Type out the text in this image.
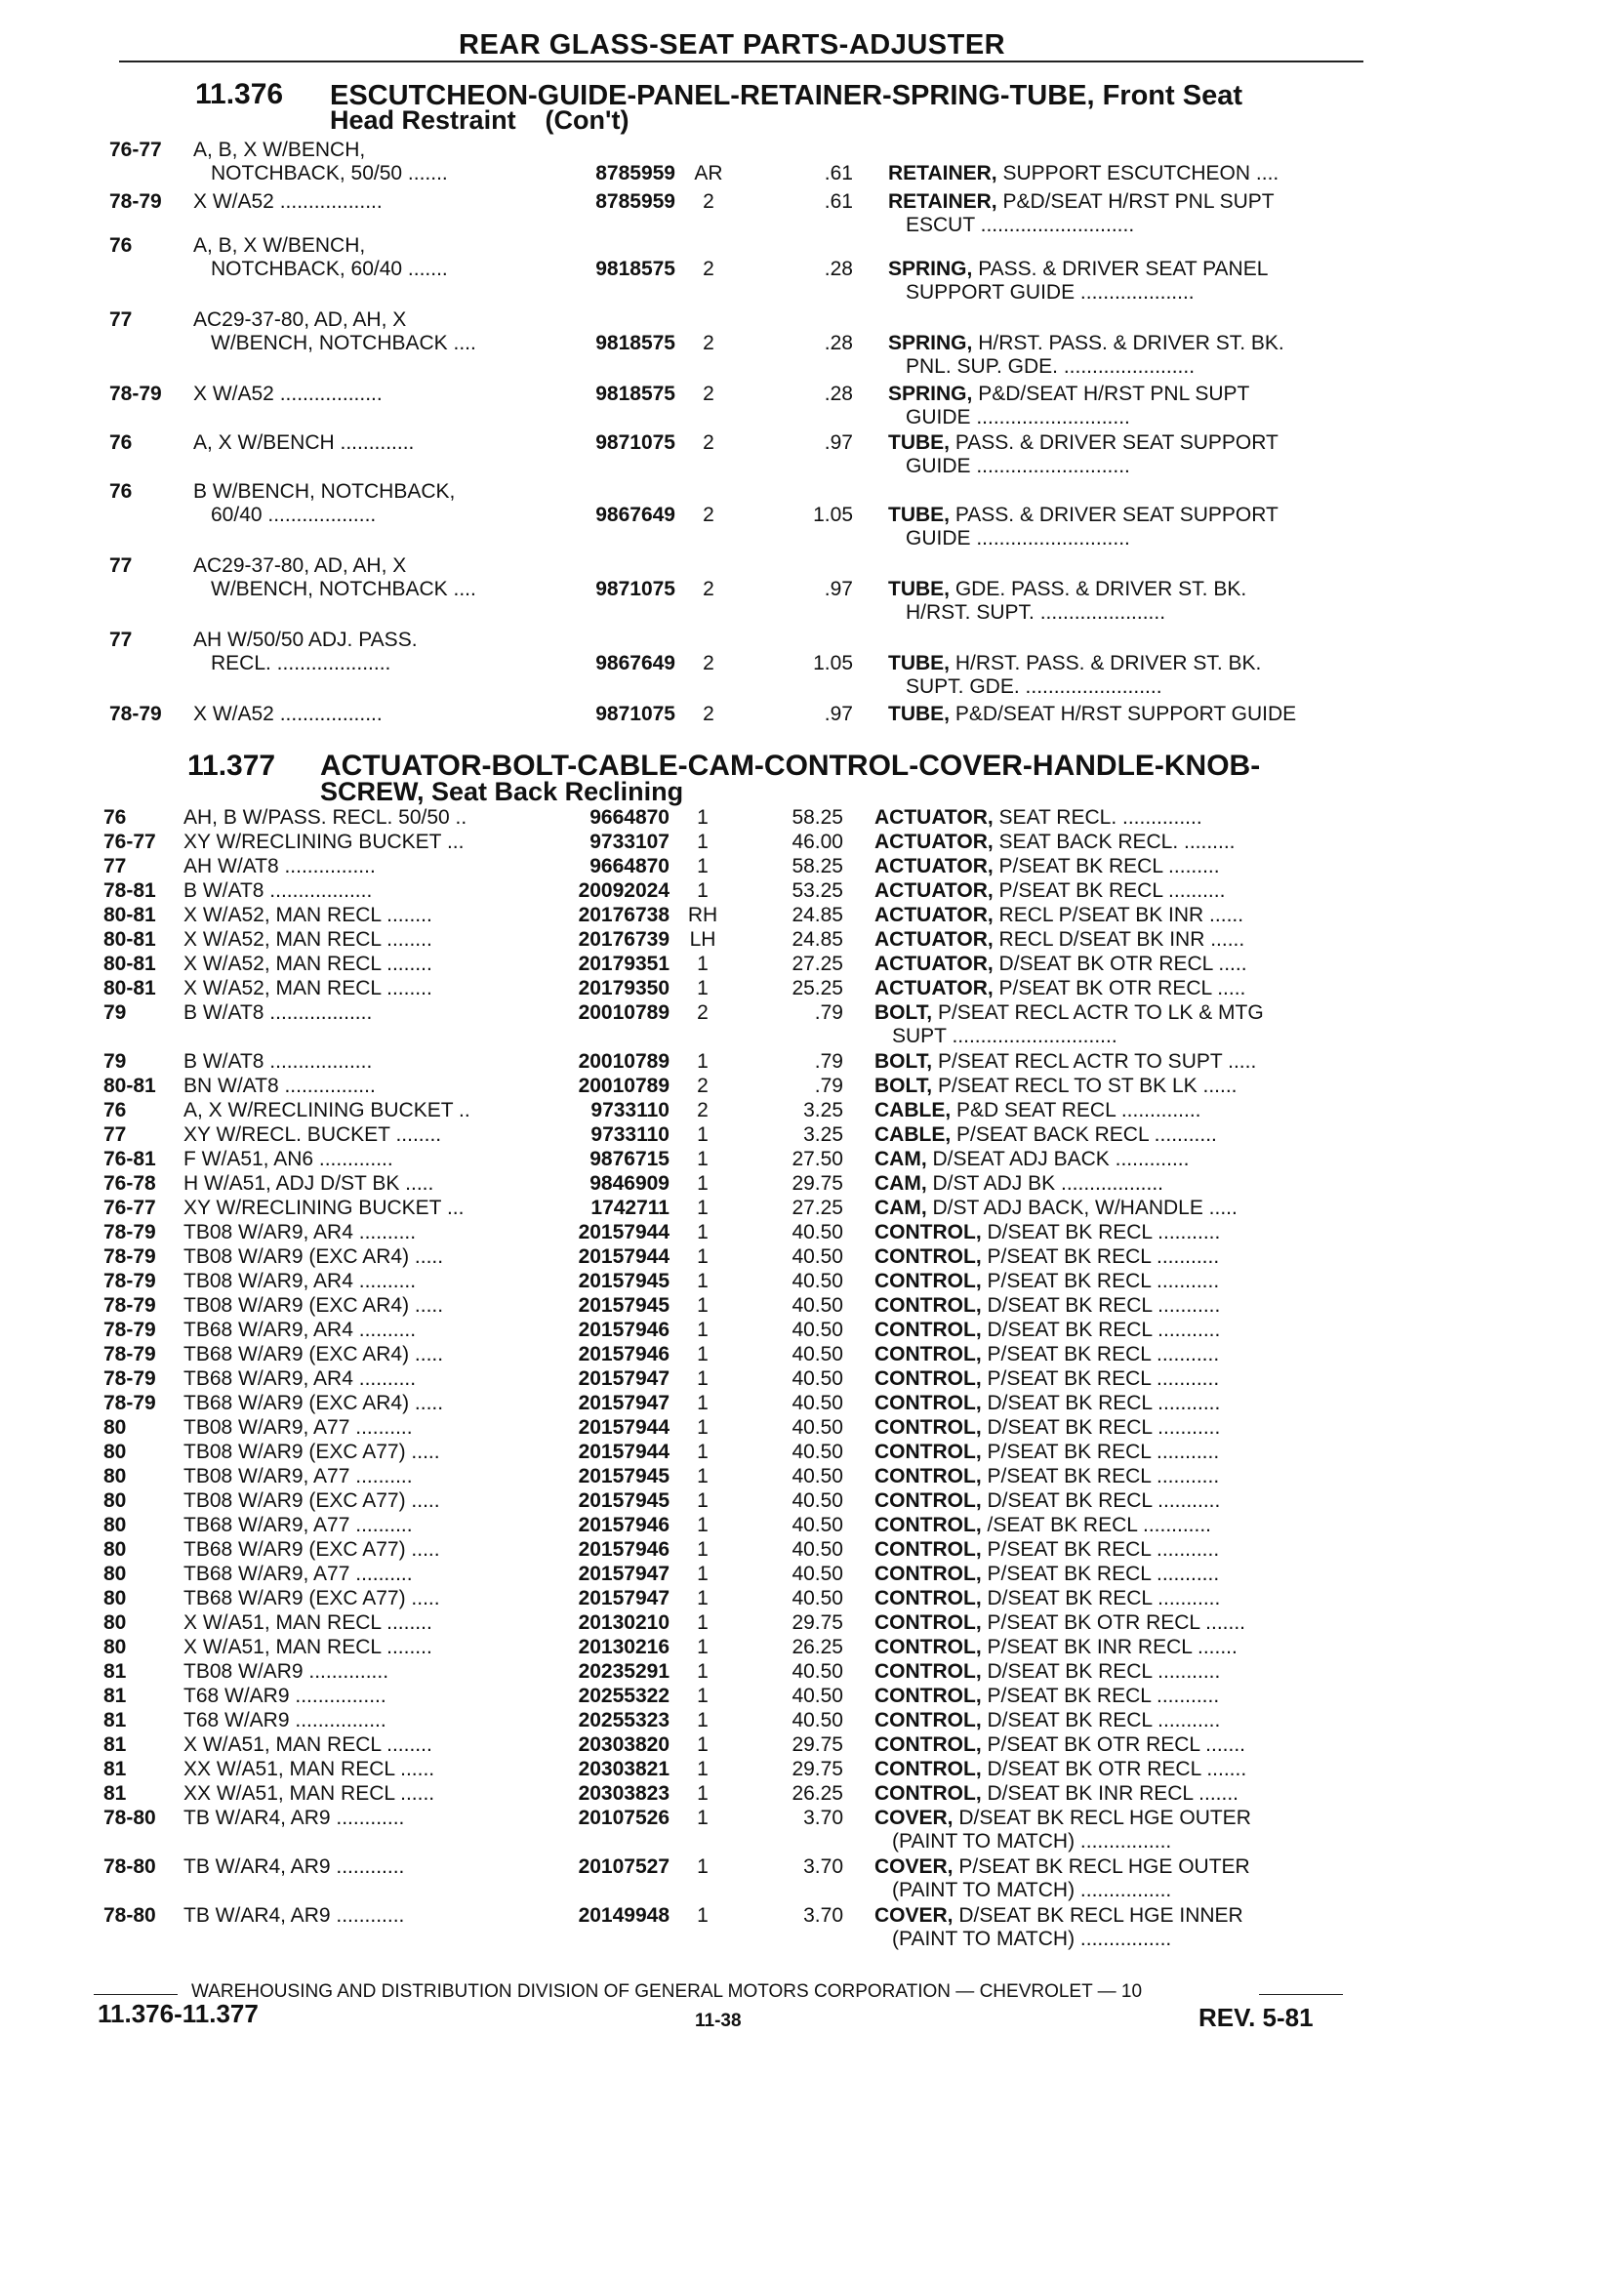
REAR GLASS-SEAT PARTS-ADJUSTER
11.376 ESCUTCHEON-GUIDE-PANEL-RETAINER-SPRING-TUBE, Front Seat
Head Restraint    (Con't)
76-77	A, B, X W/BENCH,
NOTCHBACK, 50/50 .......	8785959 AR	.61 RETAINER, SUPPORT ESCUTCHEON ....
78-79	X W/A52 ..................	8785959	2	.61 RETAINER, P&D/SEAT H/RST PNL SUPT
ESCUT ...........................
76	A, B, X W/BENCH,
NOTCHBACK, 60/40 .......	9818575	2	.28 SPRING, PASS. & DRIVER SEAT PANEL
SUPPORT GUIDE ....................
77	AC29-37-80, AD, AH, X
W/BENCH, NOTCHBACK ....	9818575	2	.28 SPRING, H/RST. PASS. & DRIVER ST. BK.
PNL. SUP. GDE. .......................
78-79	X W/A52 ..................	9818575	2	.28 SPRING, P&D/SEAT H/RST PNL SUPT
GUIDE ...........................
76	A, X W/BENCH .............	9871075	2	.97 TUBE, PASS. & DRIVER SEAT SUPPORT
GUIDE ...........................
76	B W/BENCH, NOTCHBACK,
60/40 ...................	9867649	2	1.05 TUBE, PASS. & DRIVER SEAT SUPPORT
GUIDE ...........................
77	AC29-37-80, AD, AH, X
W/BENCH, NOTCHBACK ....	9871075	2	.97 TUBE, GDE. PASS. & DRIVER ST. BK.
H/RST. SUPT. ......................
77	AH W/50/50 ADJ. PASS.
RECL. ....................	9867649	2	1.05 TUBE, H/RST. PASS. & DRIVER ST. BK.
SUPT. GDE. ........................
78-79	X W/A52 ..................	9871075	2	.97 TUBE, P&D/SEAT H/RST SUPPORT GUIDE
11.377 ACTUATOR-BOLT-CABLE-CAM-CONTROL-COVER-HANDLE-KNOB-
SCREW, Seat Back Reclining
76	AH, B W/PASS. RECL. 50/50 ..	9664870	1	58.25 ACTUATOR, SEAT RECL. ..............
76-77	XY W/RECLINING BUCKET ...	9733107	1	46.00 ACTUATOR, SEAT BACK RECL. .........
77	AH W/AT8 ................	9664870	1	58.25 ACTUATOR, P/SEAT BK RECL .........
78-81	B W/AT8 ..................	20092024	1	53.25 ACTUATOR, P/SEAT BK RECL ..........
80-81	X W/A52, MAN RECL ........	20176738 RH	24.85 ACTUATOR, RECL P/SEAT BK INR ......
80-81	X W/A52, MAN RECL ........	20176739 LH	24.85 ACTUATOR, RECL D/SEAT BK INR ......
80-81	X W/A52, MAN RECL ........	20179351	1	27.25 ACTUATOR, D/SEAT BK OTR RECL .....
80-81	X W/A52, MAN RECL ........	20179350	1	25.25 ACTUATOR, P/SEAT BK OTR RECL .....
79	B W/AT8 ..................	20010789	2	.79 BOLT, P/SEAT RECL ACTR TO LK & MTG
SUPT .............................
79	B W/AT8 ..................	20010789	1	.79 BOLT, P/SEAT RECL ACTR TO SUPT .....
80-81	BN W/AT8 ................	20010789	2	.79 BOLT, P/SEAT RECL TO ST BK LK ......
76	A, X W/RECLINING BUCKET ..	9733110	2	3.25 CABLE, P&D SEAT RECL ..............
77	XY W/RECL. BUCKET ........	9733110	1	3.25 CABLE, P/SEAT BACK RECL ...........
76-81	F W/A51, AN6 .............	9876715	1	27.50 CAM, D/SEAT ADJ BACK .............
76-78	H W/A51, ADJ D/ST BK .....	9846909	1	29.75 CAM, D/ST ADJ BK ..................
76-77	XY W/RECLINING BUCKET ...	1742711	1	27.25 CAM, D/ST ADJ BACK, W/HANDLE .....
78-79	TB08 W/AR9, AR4 ..........	20157944	1	40.50 CONTROL, D/SEAT BK RECL ...........
78-79	TB08 W/AR9 (EXC AR4) .....	20157944	1	40.50 CONTROL, P/SEAT BK RECL ...........
78-79	TB08 W/AR9, AR4 ..........	20157945	1	40.50 CONTROL, P/SEAT BK RECL ...........
78-79	TB08 W/AR9 (EXC AR4) .....	20157945	1	40.50 CONTROL, D/SEAT BK RECL ...........
78-79	TB68 W/AR9, AR4 ..........	20157946	1	40.50 CONTROL, D/SEAT BK RECL ...........
78-79	TB68 W/AR9 (EXC AR4) .....	20157946	1	40.50 CONTROL, P/SEAT BK RECL ...........
78-79	TB68 W/AR9, AR4 ..........	20157947	1	40.50 CONTROL, P/SEAT BK RECL ...........
78-79	TB68 W/AR9 (EXC AR4) .....	20157947	1	40.50 CONTROL, D/SEAT BK RECL ...........
80	TB08 W/AR9, A77 ..........	20157944	1	40.50 CONTROL, D/SEAT BK RECL ...........
80	TB08 W/AR9 (EXC A77) .....	20157944	1	40.50 CONTROL, P/SEAT BK RECL ...........
80	TB08 W/AR9, A77 ..........	20157945	1	40.50 CONTROL, P/SEAT BK RECL ...........
80	TB08 W/AR9 (EXC A77) .....	20157945	1	40.50 CONTROL, D/SEAT BK RECL ...........
80	TB68 W/AR9, A77 ..........	20157946	1	40.50 CONTROL, /SEAT BK RECL ............
80	TB68 W/AR9 (EXC A77) .....	20157946	1	40.50 CONTROL, P/SEAT BK RECL ...........
80	TB68 W/AR9, A77 ..........	20157947	1	40.50 CONTROL, P/SEAT BK RECL ...........
80	TB68 W/AR9 (EXC A77) .....	20157947	1	40.50 CONTROL, D/SEAT BK RECL ...........
80	X W/A51, MAN RECL ........	20130210	1	29.75 CONTROL, P/SEAT BK OTR RECL .......
80	X W/A51, MAN RECL ........	20130216	1	26.25 CONTROL, P/SEAT BK INR RECL .......
81	TB08 W/AR9 ..............	20235291	1	40.50 CONTROL, D/SEAT BK RECL ...........
81	T68 W/AR9 ................	20255322	1	40.50 CONTROL, P/SEAT BK RECL ...........
81	T68 W/AR9 ................	20255323	1	40.50 CONTROL, D/SEAT BK RECL ...........
81	X W/A51, MAN RECL ........	20303820	1	29.75 CONTROL, P/SEAT BK OTR RECL .......
81	XX W/A51, MAN RECL ......	20303821	1	29.75 CONTROL, D/SEAT BK OTR RECL .......
81	XX W/A51, MAN RECL ......	20303823	1	26.25 CONTROL, D/SEAT BK INR RECL .......
78-80	TB W/AR4, AR9 ............	20107526	1	3.70 COVER, D/SEAT BK RECL HGE OUTER
(PAINT TO MATCH) ................
78-80	TB W/AR4, AR9 ............	20107527	1	3.70 COVER, P/SEAT BK RECL HGE OUTER
(PAINT TO MATCH) ................
78-80	TB W/AR4, AR9 ............	20149948	1	3.70 COVER, D/SEAT BK RECL HGE INNER
(PAINT TO MATCH) ................
WAREHOUSING AND DISTRIBUTION DIVISION OF GENERAL MOTORS CORPORATION — CHEVROLET — 10
11.376-11.377	11-38	REV. 5-81
